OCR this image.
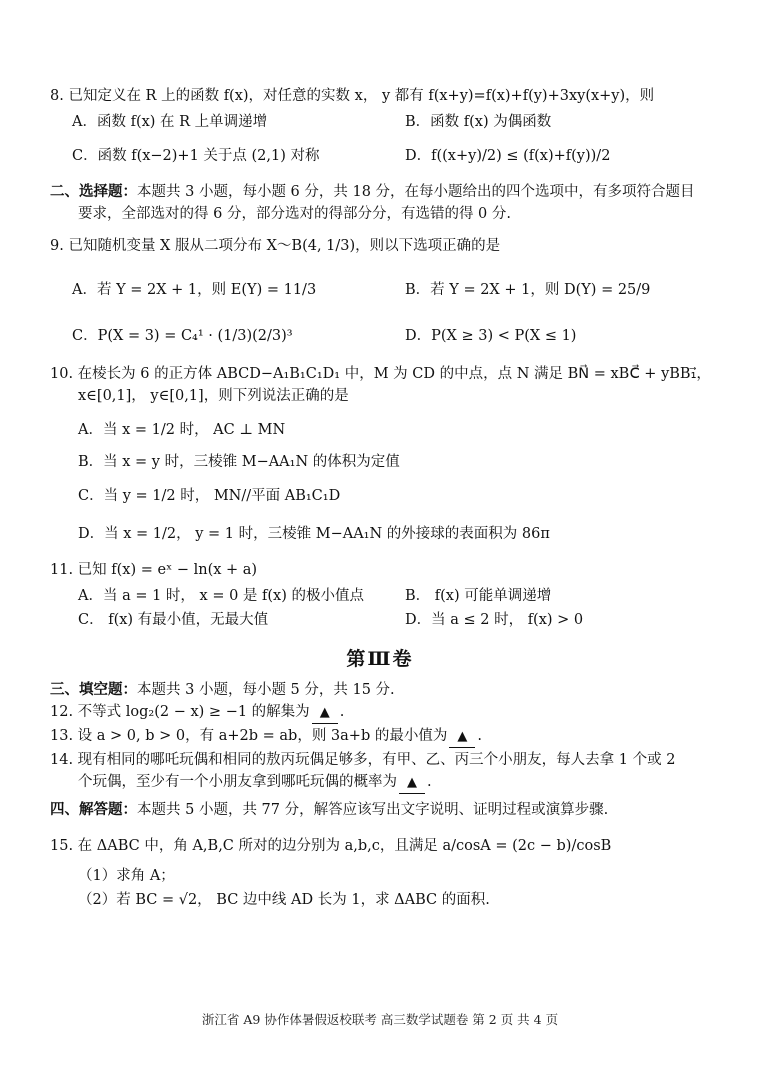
8. 已知定义在 R 上的函数 f(x)，对任意的实数 x， y 都有 f(x+y)=f(x)+f(y)+3xy(x+y)，则
A．函数 f(x) 在 R 上单调递增	B．函数 f(x) 为偶函数
C．函数 f(x−2)+1 关于点 (2,1) 对称	D．f((x+y)/2) ≤ (f(x)+f(y))/2
二、选择题：本题共 3 小题，每小题 6 分，共 18 分，在每小题给出的四个选项中，有多项符合题目
要求，全部选对的得 6 分，部分选对的得部分分，有选错的得 0 分.
9. 已知随机变量 X 服从二项分布 X～B(4, 1/3)，则以下选项正确的是
A．若 Y = 2X + 1，则 E(Y) = 11/3	B．若 Y = 2X + 1，则 D(Y) = 25/9
C．P(X = 3) = C₄¹ · (1/3)(2/3)³	D．P(X ≥ 3) < P(X ≤ 1)
10. 在棱长为 6 的正方体 ABCD−A₁B₁C₁D₁ 中，M 为 CD 的中点，点 N 满足 BN⃗ = xBC⃗ + yBB₁⃗，
x∈[0,1]， y∈[0,1]，则下列说法正确的是
A．当 x = 1/2 时， AC ⊥ MN
B．当 x = y 时，三棱锥 M−AA₁N 的体积为定值
C．当 y = 1/2 时， MN//平面 AB₁C₁D
D．当 x = 1/2， y = 1 时，三棱锥 M−AA₁N 的外接球的表面积为 86π
11. 已知 f(x) = eˣ − ln(x + a)
A．当 a = 1 时， x = 0 是 f(x) 的极小值点	B． f(x) 可能单调递增
C． f(x) 有最小值，无最大值	D．当 a ≤ 2 时， f(x) > 0
第Ⅲ卷
三、填空题：本题共 3 小题，每小题 5 分，共 15 分.
12. 不等式 log₂(2 − x) ≥ −1 的解集为 ▲ .
13. 设 a > 0, b > 0，有 a+2b = ab，则 3a+b 的最小值为 ▲ .
14. 现有相同的哪吒玩偶和相同的敖丙玩偶足够多，有甲、乙、丙三个小朋友，每人去拿 1 个或 2
个玩偶，至少有一个小朋友拿到哪吒玩偶的概率为 ▲ .
四、解答题：本题共 5 小题，共 77 分，解答应该写出文字说明、证明过程或演算步骤.
15. 在 ΔABC 中，角 A,B,C 所对的边分别为 a,b,c，且满足 a/cosA = (2c − b)/cosB
（1）求角 A；
（2）若 BC = √2， BC 边中线 AD 长为 1，求 ΔABC 的面积.
浙江省 A9 协作体暑假返校联考 高三数学试题卷 第 2 页 共 4 页
